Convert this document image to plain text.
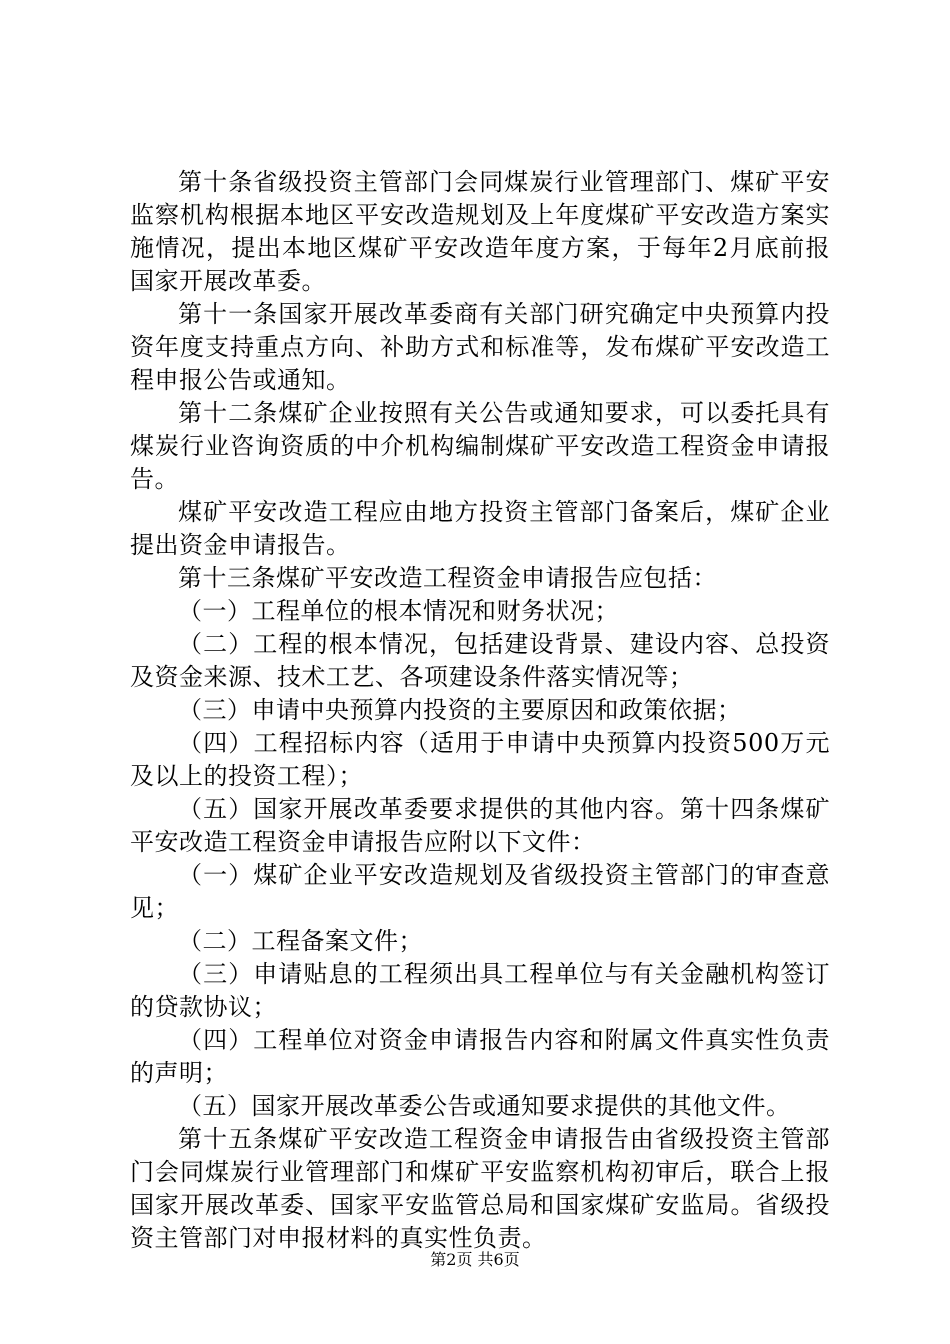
第十条省级投资主管部门会同煤炭行业管理部门、煤矿平安监察机构根据本地区平安改造规划及上年度煤矿平安改造方案实施情况，提出本地区煤矿平安改造年度方案，于每年2月底前报国家开展改革委。

第十一条国家开展改革委商有关部门研究确定中央预算内投资年度支持重点方向、补助方式和标准等，发布煤矿平安改造工程申报公告或通知。

第十二条煤矿企业按照有关公告或通知要求，可以委托具有煤炭行业咨询资质的中介机构编制煤矿平安改造工程资金申请报告。

煤矿平安改造工程应由地方投资主管部门备案后，煤矿企业提出资金申请报告。

第十三条煤矿平安改造工程资金申请报告应包括：

（一）工程单位的根本情况和财务状况；

（二）工程的根本情况，包括建设背景、建设内容、总投资及资金来源、技术工艺、各项建设条件落实情况等；

（三）申请中央预算内投资的主要原因和政策依据；

（四）工程招标内容（适用于申请中央预算内投资500万元及以上的投资工程）；

（五）国家开展改革委要求提供的其他内容。第十四条煤矿平安改造工程资金申请报告应附以下文件：

（一）煤矿企业平安改造规划及省级投资主管部门的审查意见；

（二）工程备案文件；

（三）申请贴息的工程须出具工程单位与有关金融机构签订的贷款协议；

（四）工程单位对资金申请报告内容和附属文件真实性负责的声明；

（五）国家开展改革委公告或通知要求提供的其他文件。

第十五条煤矿平安改造工程资金申请报告由省级投资主管部门会同煤炭行业管理部门和煤矿平安监察机构初审后，联合上报国家开展改革委、国家平安监管总局和国家煤矿安监局。省级投资主管部门对申报材料的真实性负责。

第2页 共6页
